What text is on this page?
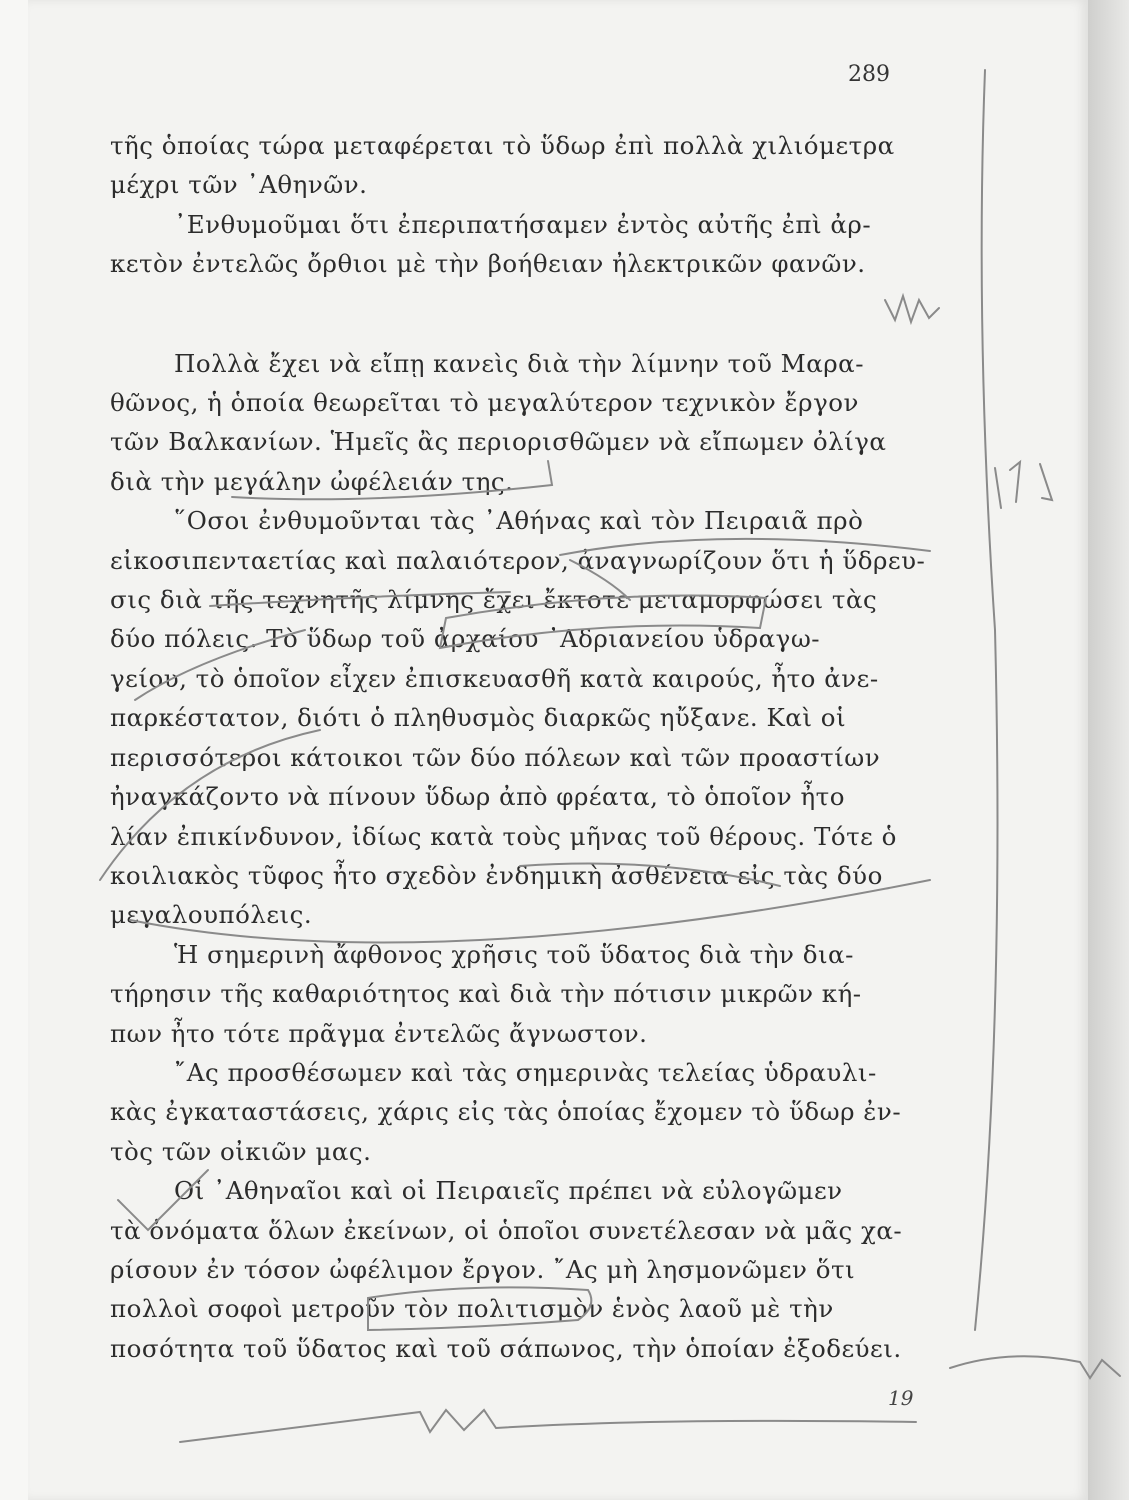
289

τῆς ὁποίας τώρα μεταφέρεται τὸ ὕδωρ ἐπὶ πολλὰ χιλιόμετρα
μέχρι τῶν ᾿Αθηνῶν.

᾿Ενθυμοῦμαι ὅτι ἐπεριπατήσαμεν ἐντὸς αὐτῆς ἐπὶ ἀρ-
κετὸν ἐντελῶς ὄρθιοι μὲ τὴν βοήθειαν ἠλεκτρικῶν φανῶν.

Πολλὰ ἔχει νὰ εἴπῃ κανεὶς διὰ τὴν λίμνην τοῦ Μαρα-
θῶνος, ἡ ὁποία θεωρεῖται τὸ μεγαλύτερον τεχνικὸν ἔργον
τῶν Βαλκανίων. Ἡμεῖς ἂς περιορισθῶμεν νὰ εἴπωμεν ὀλίγα
διὰ τὴν μεγάλην ὠφέλειάν της.

῞Οσοι ἐνθυμοῦνται τὰς ᾿Αθήνας καὶ τὸν Πειραιᾶ πρὸ
εἰκοσιπενταετίας καὶ παλαιότερον, ἀναγνωρίζουν ὅτι ἡ ὕδρευ-
σις διὰ τῆς τεχνητῆς λίμνης ἔχει ἔκτοτε μεταμορφώσει τὰς
δύο πόλεις. Τὸ ὕδωρ τοῦ ἀρχαίου ᾿Αδριανείου ὑδραγω-
γείου, τὸ ὁποῖον εἶχεν ἐπισκευασθῆ κατὰ καιρούς, ἦτο ἀνε-
παρκέστατον, διότι ὁ πληθυσμὸς διαρκῶς ηὔξανε. Καὶ οἱ
περισσότεροι κάτοικοι τῶν δύο πόλεων καὶ τῶν προαστίων
ἠναγκάζοντο νὰ πίνουν ὕδωρ ἀπὸ φρέατα, τὸ ὁποῖον ἦτο
λίαν ἐπικίνδυνον, ἰδίως κατὰ τοὺς μῆνας τοῦ θέρους. Τότε ὁ
κοιλιακὸς τῦφος ἦτο σχεδὸν ἐνδημικὴ ἀσθένεια εἰς τὰς δύο
μεγαλουπόλεις.

Ἡ σημερινὴ ἄφθονος χρῆσις τοῦ ὕδατος διὰ τὴν δια-
τήρησιν τῆς καθαριότητος καὶ διὰ τὴν πότισιν μικρῶν κή-
πων ἦτο τότε πρᾶγμα ἐντελῶς ἄγνωστον.

῎Ας προσθέσωμεν καὶ τὰς σημερινὰς τελείας ὑδραυλι-
κὰς ἐγκαταστάσεις, χάρις εἰς τὰς ὁποίας ἔχομεν τὸ ὕδωρ ἐν-
τὸς τῶν οἰκιῶν μας.

Οἱ ᾿Αθηναῖοι καὶ οἱ Πειραιεῖς πρέπει νὰ εὐλογῶμεν
τὰ ὀνόματα ὅλων ἐκείνων, οἱ ὁποῖοι συνετέλεσαν νὰ μᾶς χα-
ρίσουν ἐν τόσον ὠφέλιμον ἔργον. ῎Ας μὴ λησμονῶμεν ὅτι
πολλοὶ σοφοὶ μετροῦν τὸν πολιτισμὸν ἑνὸς λαοῦ μὲ τὴν
ποσότητα τοῦ ὕδατος καὶ τοῦ σάπωνος, τὴν ὁποίαν ἐξοδεύει.

19
